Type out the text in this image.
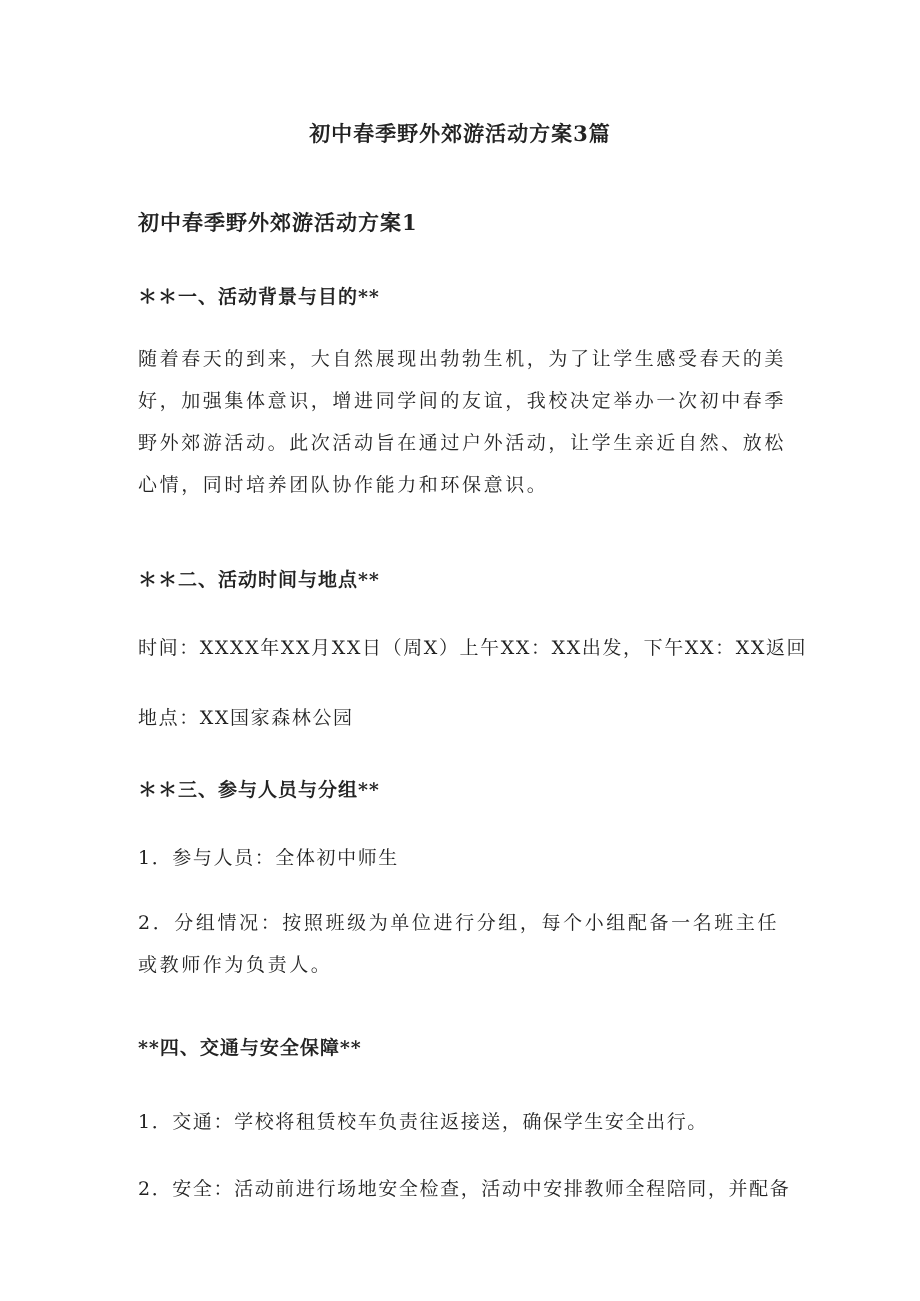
初中春季野外郊游活动方案3篇
初中春季野外郊游活动方案1
＊＊一、活动背景与目的**
随着春天的到来，大自然展现出勃勃生机，为了让学生感受春天的美好，加强集体意识，增进同学间的友谊，我校决定举办一次初中春季野外郊游活动。此次活动旨在通过户外活动，让学生亲近自然、放松心情，同时培养团队协作能力和环保意识。
＊＊二、活动时间与地点**
时间：XXXX年XX月XX日（周X）上午XX：XX出发，下午XX：XX返回
地点：XX国家森林公园
＊＊三、参与人员与分组**
1．参与人员：全体初中师生
2．分组情况：按照班级为单位进行分组，每个小组配备一名班主任或教师作为负责人。
**四、交通与安全保障**
1．交通：学校将租赁校车负责往返接送，确保学生安全出行。
2．安全：活动前进行场地安全检查，活动中安排教师全程陪同，并配备
